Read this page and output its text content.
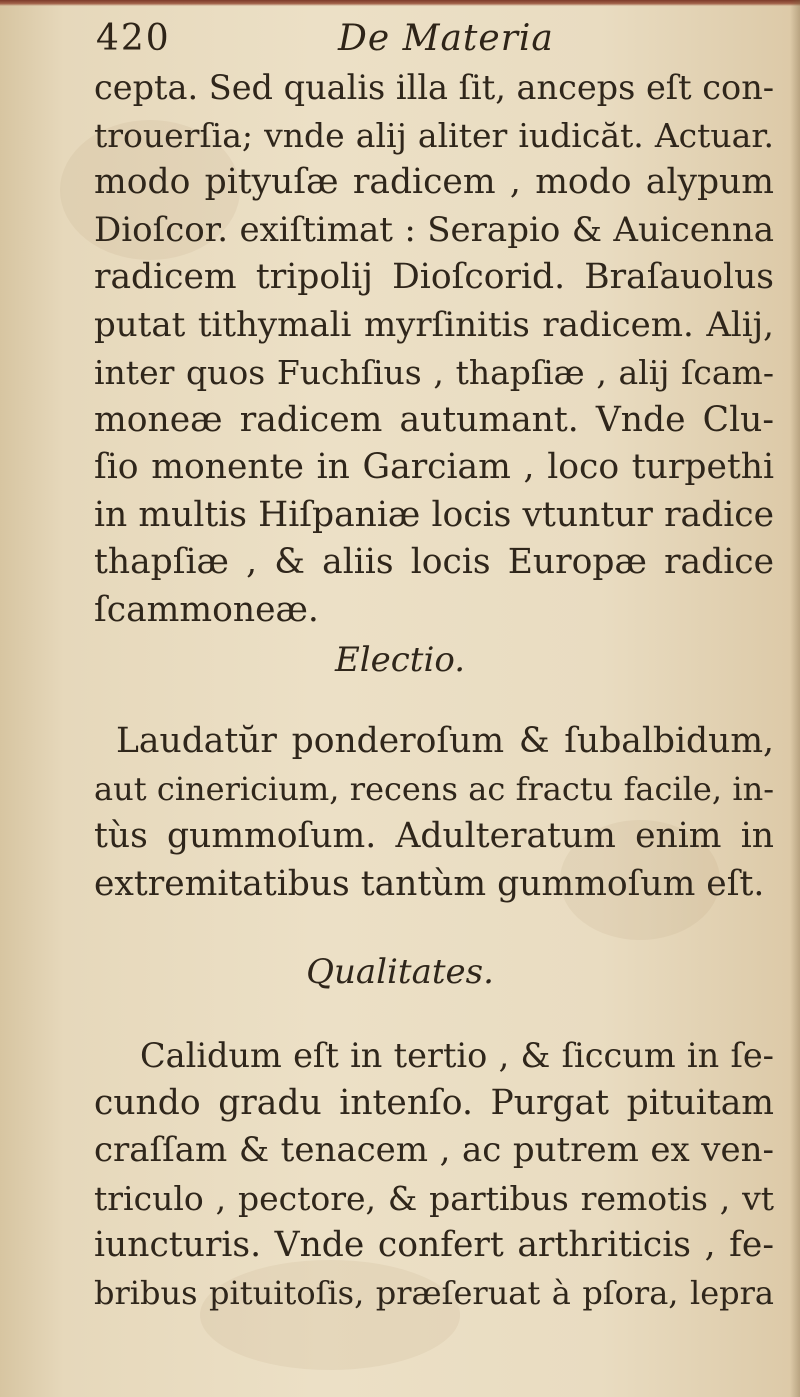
420	De Materia
cepta. Sed qualis illa ſit, anceps eſt con-
trouerſia; vnde alij aliter iudicăt. Actuar.
modo pityuſæ radicem , modo alypum
Dioſcor. exiſtimat : Serapio & Auicenna
radicem tripolij Dioſcorid. Braſauolus
putat tithymali myrſinitis radicem. Alij,
inter quos Fuchſius , thapſiæ , alij ſcam-
moneæ radicem autumant. Vnde Clu-
ſio monente in Garciam , loco turpethi
in multis Hiſpaniæ locis vtuntur radice
thapſiæ , & aliis locis Europæ radice
ſcammoneæ.
Electio.
Laudatŭr ponderoſum & ſubalbidum,
aut cinericium, recens ac fractu facile, in-
tùs gummoſum. Adulteratum enim in
extremitatibus tantùm gummoſum eſt.
Qualitates.
Calidum eſt in tertio , & ſiccum in ſe-
cundo gradu intenſo. Purgat pituitam
craſſam & tenacem , ac putrem ex ven-
triculo , pectore, & partibus remotis , vt
iuncturis. Vnde confert arthriticis , fe-
bribus pituitoſis, præſeruat à pſora, lepra
